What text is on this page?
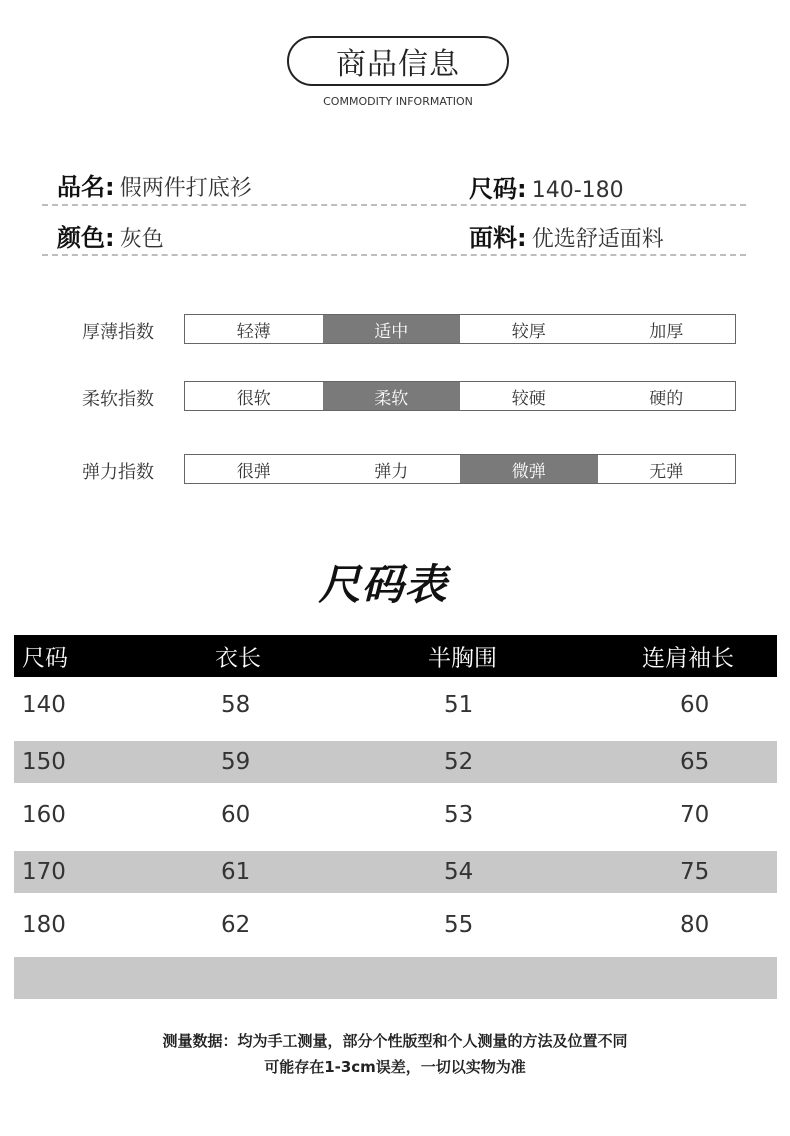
商品信息
COMMODITY INFORMATION
品名: 假两件打底衫	尺码: 140-180
颜色: 灰色	面料: 优选舒适面料
厚薄指数	轻薄	适中	较厚	加厚
柔软指数	很软	柔软	较硬	硬的
弹力指数	很弹	弹力	微弹	无弹
尺码表
尺码	衣长	半胸围	连肩袖长
140	58	51	60
150	59	52	65
160	60	53	70
170	61	54	75
180	62	55	80
测量数据：均为手工测量，部分个性版型和个人测量的方法及位置不同
可能存在1-3cm误差，一切以实物为准
